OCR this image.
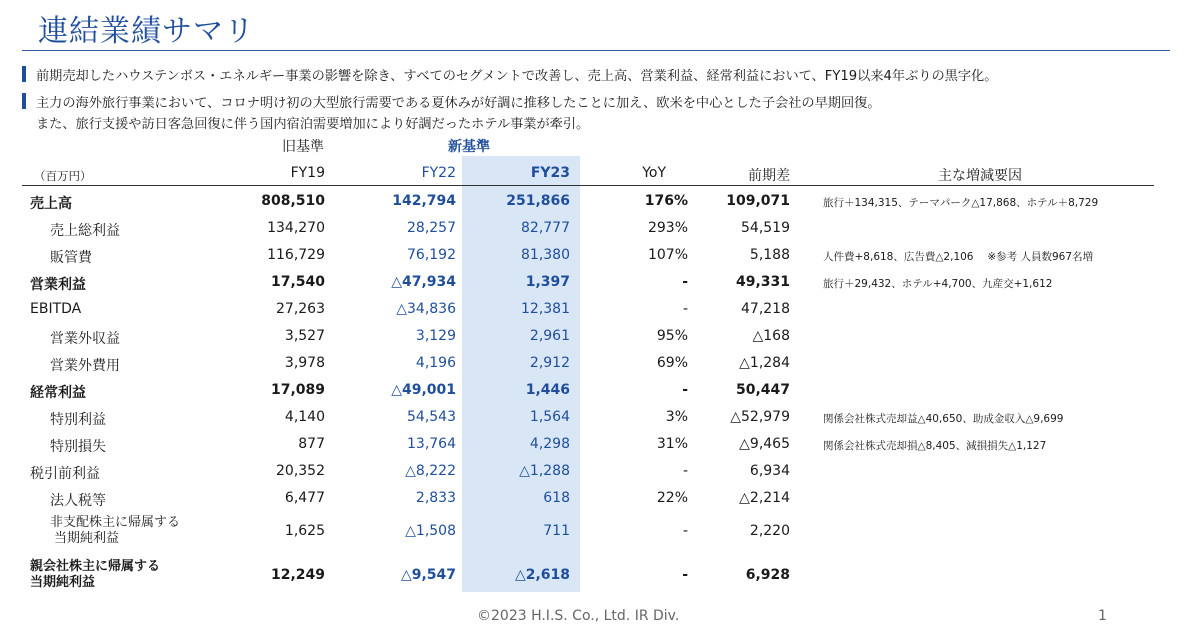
連結業績サマリ
前期売却したハウステンボス・エネルギー事業の影響を除き、すべてのセグメントで改善し、売上高、営業利益、経常利益において、FY19以来4年ぶりの黒字化。
主力の海外旅行事業において、コロナ明け初の大型旅行需要である夏休みが好調に推移したことに加え、欧米を中心とした子会社の早期回復。
また、旅行支援や訪日客急回復に伴う国内宿泊需要増加により好調だったホテル事業が牽引。
旧基準	新基準
（百万円）	FY19	FY22	FY23	YoY	前期差	主な増減要因
売上高	808,510	142,794	251,866	176%	109,071	旅行＋134,315、テーマパーク△17,868、ホテル＋8,729
売上総利益	134,270	28,257	82,777	293%	54,519
販管費	116,729	76,192	81,380	107%	5,188	人件費+8,618、広告費△2,106　 ※参考 人員数967名増
営業利益	17,540	△47,934	1,397	-	49,331	旅行＋29,432、ホテル+4,700、九産交+1,612
EBITDA	27,263	△34,836	12,381	-	47,218
営業外収益	3,527	3,129	2,961	95%	△168
営業外費用	3,978	4,196	2,912	69%	△1,284
経常利益	17,089	△49,001	1,446	-	50,447
特別利益	4,140	54,543	1,564	3%	△52,979	関係会社株式売却益△40,650、助成金収入△9,699
特別損失	877	13,764	4,298	31%	△9,465	関係会社株式売却損△8,405、減損損失△1,127
税引前利益	20,352	△8,222	△1,288	-	6,934
法人税等	6,477	2,833	618	22%	△2,214
非支配株主に帰属する
当期純利益	1,625	△1,508	711	-	2,220
親会社株主に帰属する
当期純利益	12,249	△9,547	△2,618	-	6,928
©2023 H.I.S. Co., Ltd. IR Div.	1
